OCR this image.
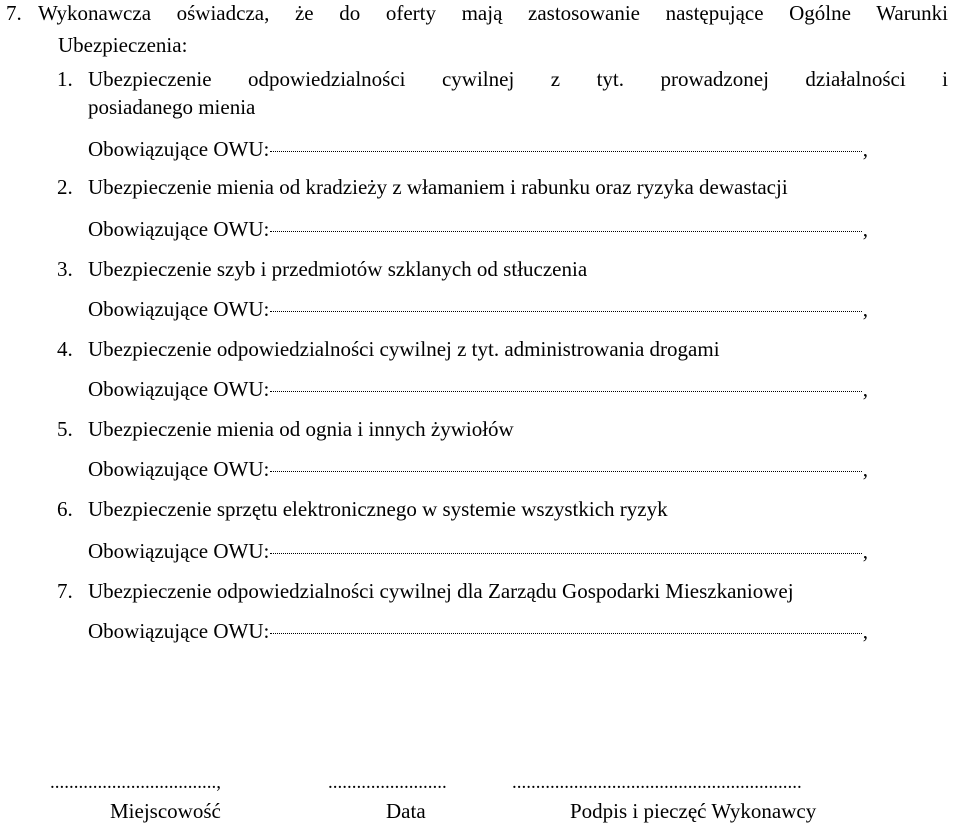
7. Wykonawcza oświadcza, że do oferty mają zastosowanie następujące Ogólne Warunki
Ubezpieczenia:
1. Ubezpieczenie odpowiedzialności cywilnej z tyt. prowadzonej działalności i
posiadanego mienia
Obowiązujące OWU:	,
2. Ubezpieczenie mienia od kradzieży z włamaniem i rabunku oraz ryzyka dewastacji
Obowiązujące OWU:	,
3. Ubezpieczenie szyb i przedmiotów szklanych od stłuczenia
Obowiązujące OWU:	,
4. Ubezpieczenie odpowiedzialności cywilnej z tyt. administrowania drogami
Obowiązujące OWU:	,
5. Ubezpieczenie mienia od ognia i innych żywiołów
Obowiązujące OWU:	,
6. Ubezpieczenie sprzętu elektronicznego w systemie wszystkich ryzyk
Obowiązujące OWU:	,
7. Ubezpieczenie odpowiedzialności cywilnej dla Zarządu Gospodarki Mieszkaniowej
Obowiązujące OWU:	,
...................................,	.........................	.............................................................
Miejscowość	Data	Podpis i pieczęć Wykonawcy
